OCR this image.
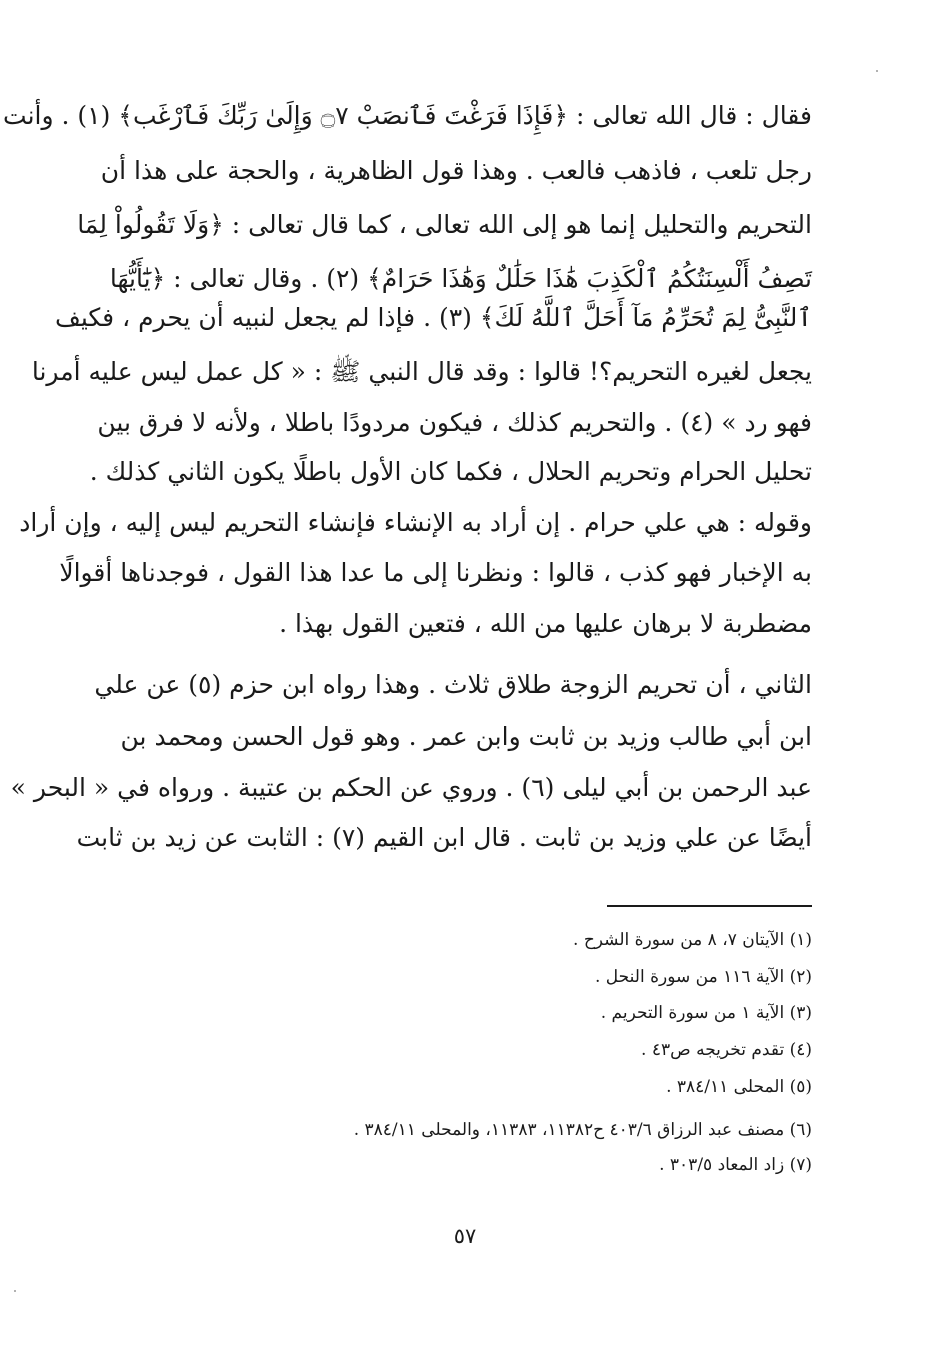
فقال : قال الله تعالى : ﴿فَإِذَا فَرَغْتَ فَٱنصَبْ ۝٧ وَإِلَىٰ رَبِّكَ فَٱرْغَب﴾ (١) . وأنت
رجل تلعب ، فاذهب فالعب . وهذا قول الظاهرية ، والحجة على هذا أن
التحريم والتحليل إنما هو إلى الله تعالى ، كما قال تعالى : ﴿وَلَا تَقُولُواْ لِمَا
تَصِفُ أَلْسِنَتُكُمُ ٱلْكَذِبَ هَٰذَا حَلَٰلٌ وَهَٰذَا حَرَامٌ﴾ (٢) . وقال تعالى : ﴿يَٰٓأَيُّهَا
ٱلنَّبِىُّ لِمَ تُحَرِّمُ مَآ أَحَلَّ ٱللَّهُ لَكَ﴾ (٣) . فإذا لم يجعل لنبيه أن يحرم ، فكيف
يجعل لغيره التحريم؟! قالوا : وقد قال النبي ﷺ : « كل عمل ليس عليه أمرنا
فهو رد » (٤) . والتحريم كذلك ، فيكون مردودًا باطلا ، ولأنه لا فرق بين
تحليل الحرام وتحريم الحلال ، فكما كان الأول باطلًا يكون الثاني كذلك .
وقوله : هي علي حرام . إن أراد به الإنشاء فإنشاء التحريم ليس إليه ، وإن أراد
به الإخبار فهو كذب ، قالوا : ونظرنا إلى ما عدا هذا القول ، فوجدناها أقوالًا
مضطربة لا برهان عليها من الله ، فتعين القول بهذا .
الثاني ، أن تحريم الزوجة طلاق ثلاث . وهذا رواه ابن حزم (٥) عن علي
ابن أبي طالب وزيد بن ثابت وابن عمر . وهو قول الحسن ومحمد بن
عبد الرحمن بن أبي ليلى (٦) . وروي عن الحكم بن عتيبة . ورواه في « البحر »
أيضًا عن علي وزيد بن ثابت . قال ابن القيم (٧) : الثابت عن زيد بن ثابت
(١) الآيتان ٧، ٨ من سورة الشرح .
(٢) الآية ١١٦ من سورة النحل .
(٣) الآية ١ من سورة التحريم .
(٤) تقدم تخريجه ص٤٣ .
(٥) المحلى ٣٨٤/١١ .
(٦) مصنف عبد الرزاق ٤٠٣/٦ ح١١٣٨٢، ١١٣٨٣، والمحلى ٣٨٤/١١ .
(٧) زاد المعاد ٣٠٣/٥ .
٥٧
